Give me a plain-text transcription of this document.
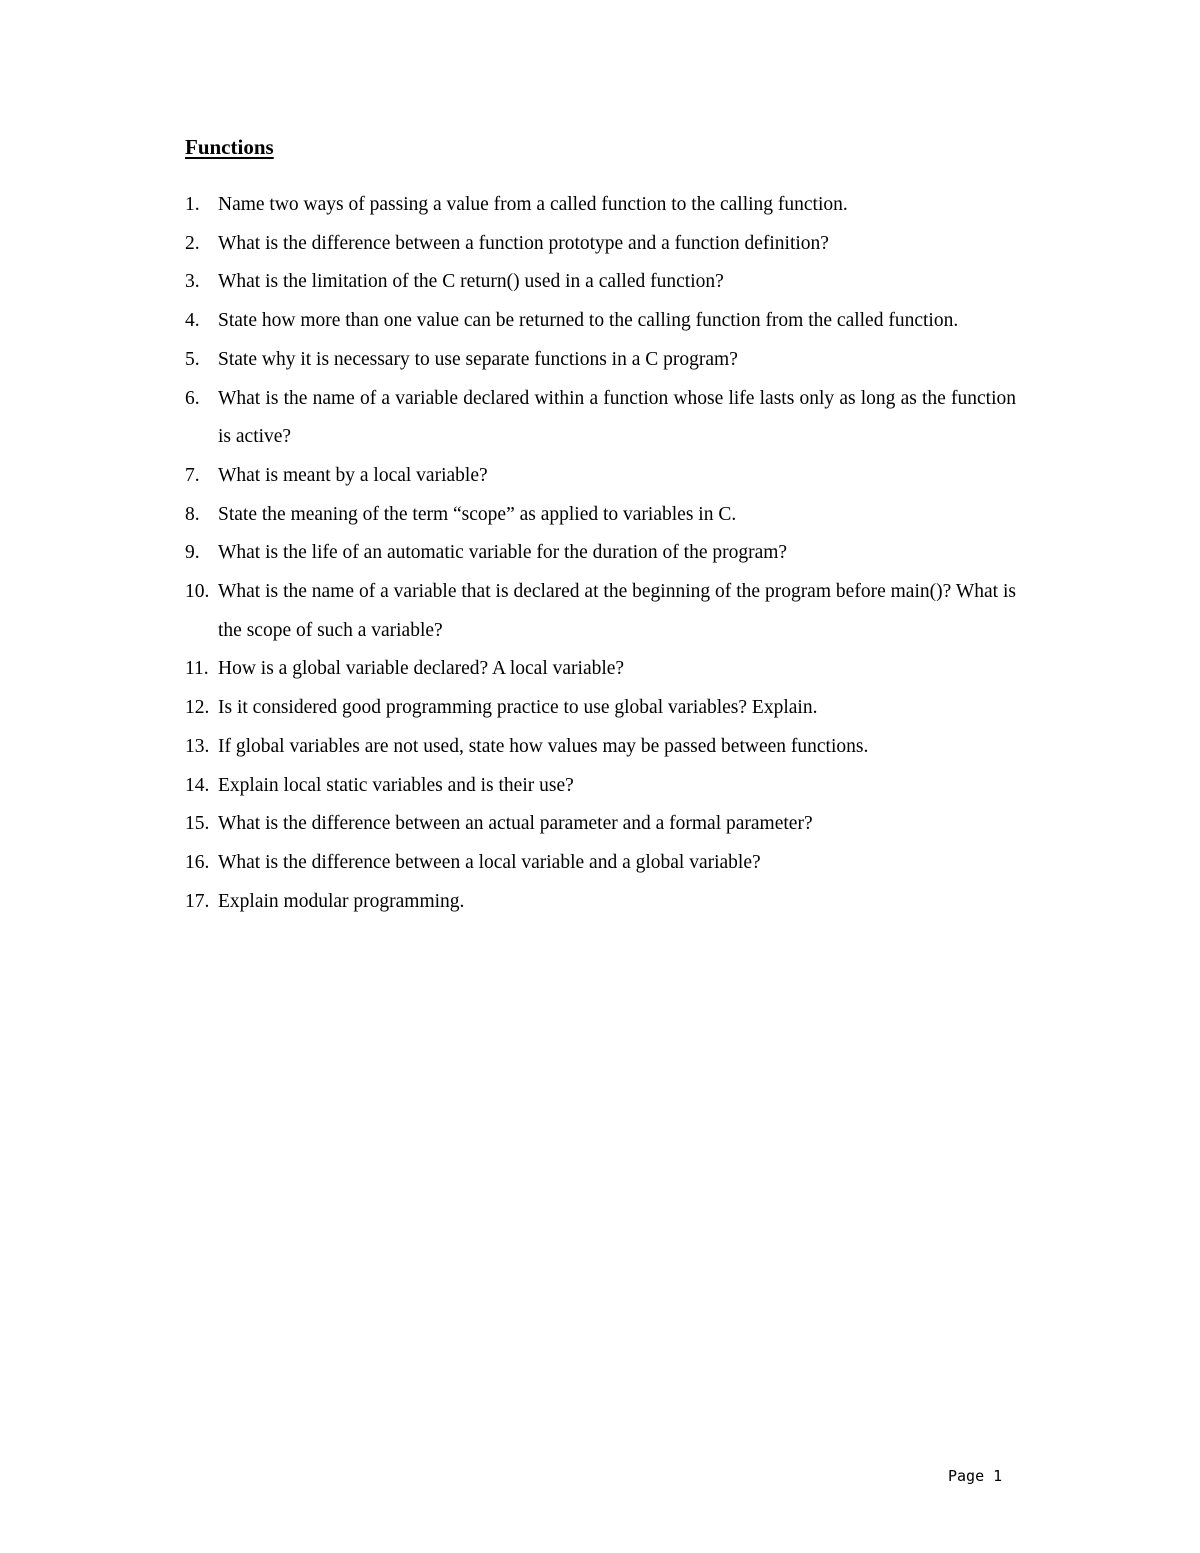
Functions
1. Name two ways of passing a value from a called function to the calling function.
2. What is the difference between a function prototype and a function definition?
3. What is the limitation of the C return() used in a called function?
4. State how more than one value can be returned to the calling function from the called function.
5. State why it is necessary to use separate functions in a C program?
6. What is the name of a variable declared within a function whose life lasts only as long as the function is active?
7. What is meant by a local variable?
8. State the meaning of the term “scope” as applied to variables in C.
9. What is the life of an automatic variable for the duration of the program?
10. What is the name of a variable that is declared at the beginning of the program before main()? What is the scope of such a variable?
11. How is a global variable declared? A local variable?
12. Is it considered good programming practice to use global variables? Explain.
13. If global variables are not used, state how values may be passed between functions.
14. Explain local static variables and is their use?
15. What is the difference between an actual parameter and a formal parameter?
16. What is the difference between a local variable and a global variable?
17. Explain modular programming.
Page 1
